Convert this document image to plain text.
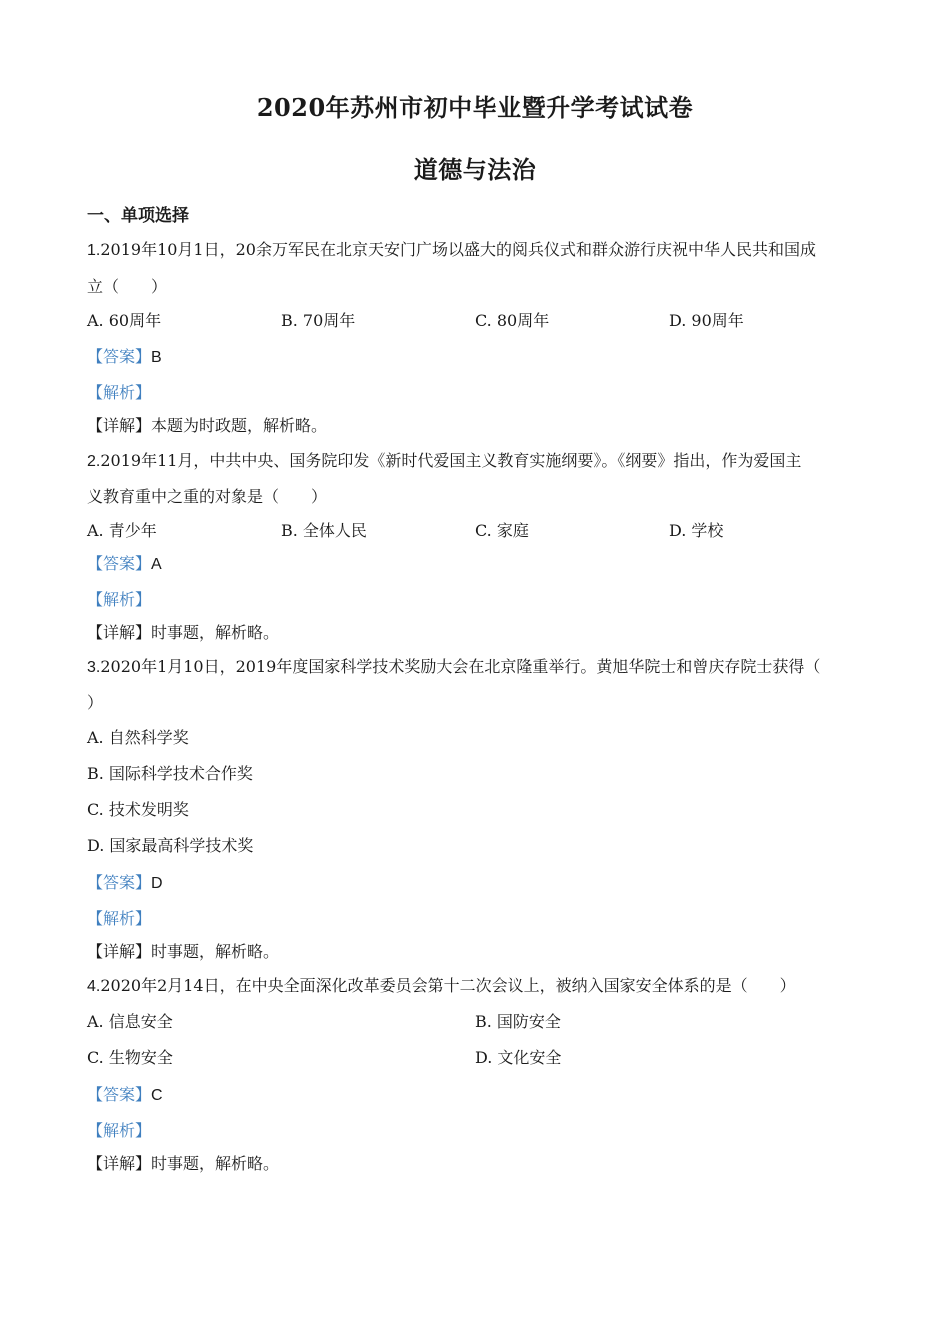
2020年苏州市初中毕业暨升学考试试卷
道德与法治
一、单项选择
1.2019年10月1日，20余万军民在北京天安门广场以盛大的阅兵仪式和群众游行庆祝中华人民共和国成
立（　　）
A. 60周年	B. 70周年	C. 80周年	D. 90周年
【答案】B
【解析】
【详解】本题为时政题，解析略。
2.2019年11月，中共中央、国务院印发《新时代爱国主义教育实施纲要》。《纲要》指出，作为爱国主
义教育重中之重的对象是（　　）
A. 青少年	B. 全体人民	C. 家庭	D. 学校
【答案】A
【解析】
【详解】时事题，解析略。
3.2020年1月10日，2019年度国家科学技术奖励大会在北京隆重举行。黄旭华院士和曾庆存院士获得（
）
A. 自然科学奖
B. 国际科学技术合作奖
C. 技术发明奖
D. 国家最高科学技术奖
【答案】D
【解析】
【详解】时事题，解析略。
4.2020年2月14日，在中央全面深化改革委员会第十二次会议上，被纳入国家安全体系的是（　　）
A. 信息安全	B. 国防安全
C. 生物安全	D. 文化安全
【答案】C
【解析】
【详解】时事题，解析略。
